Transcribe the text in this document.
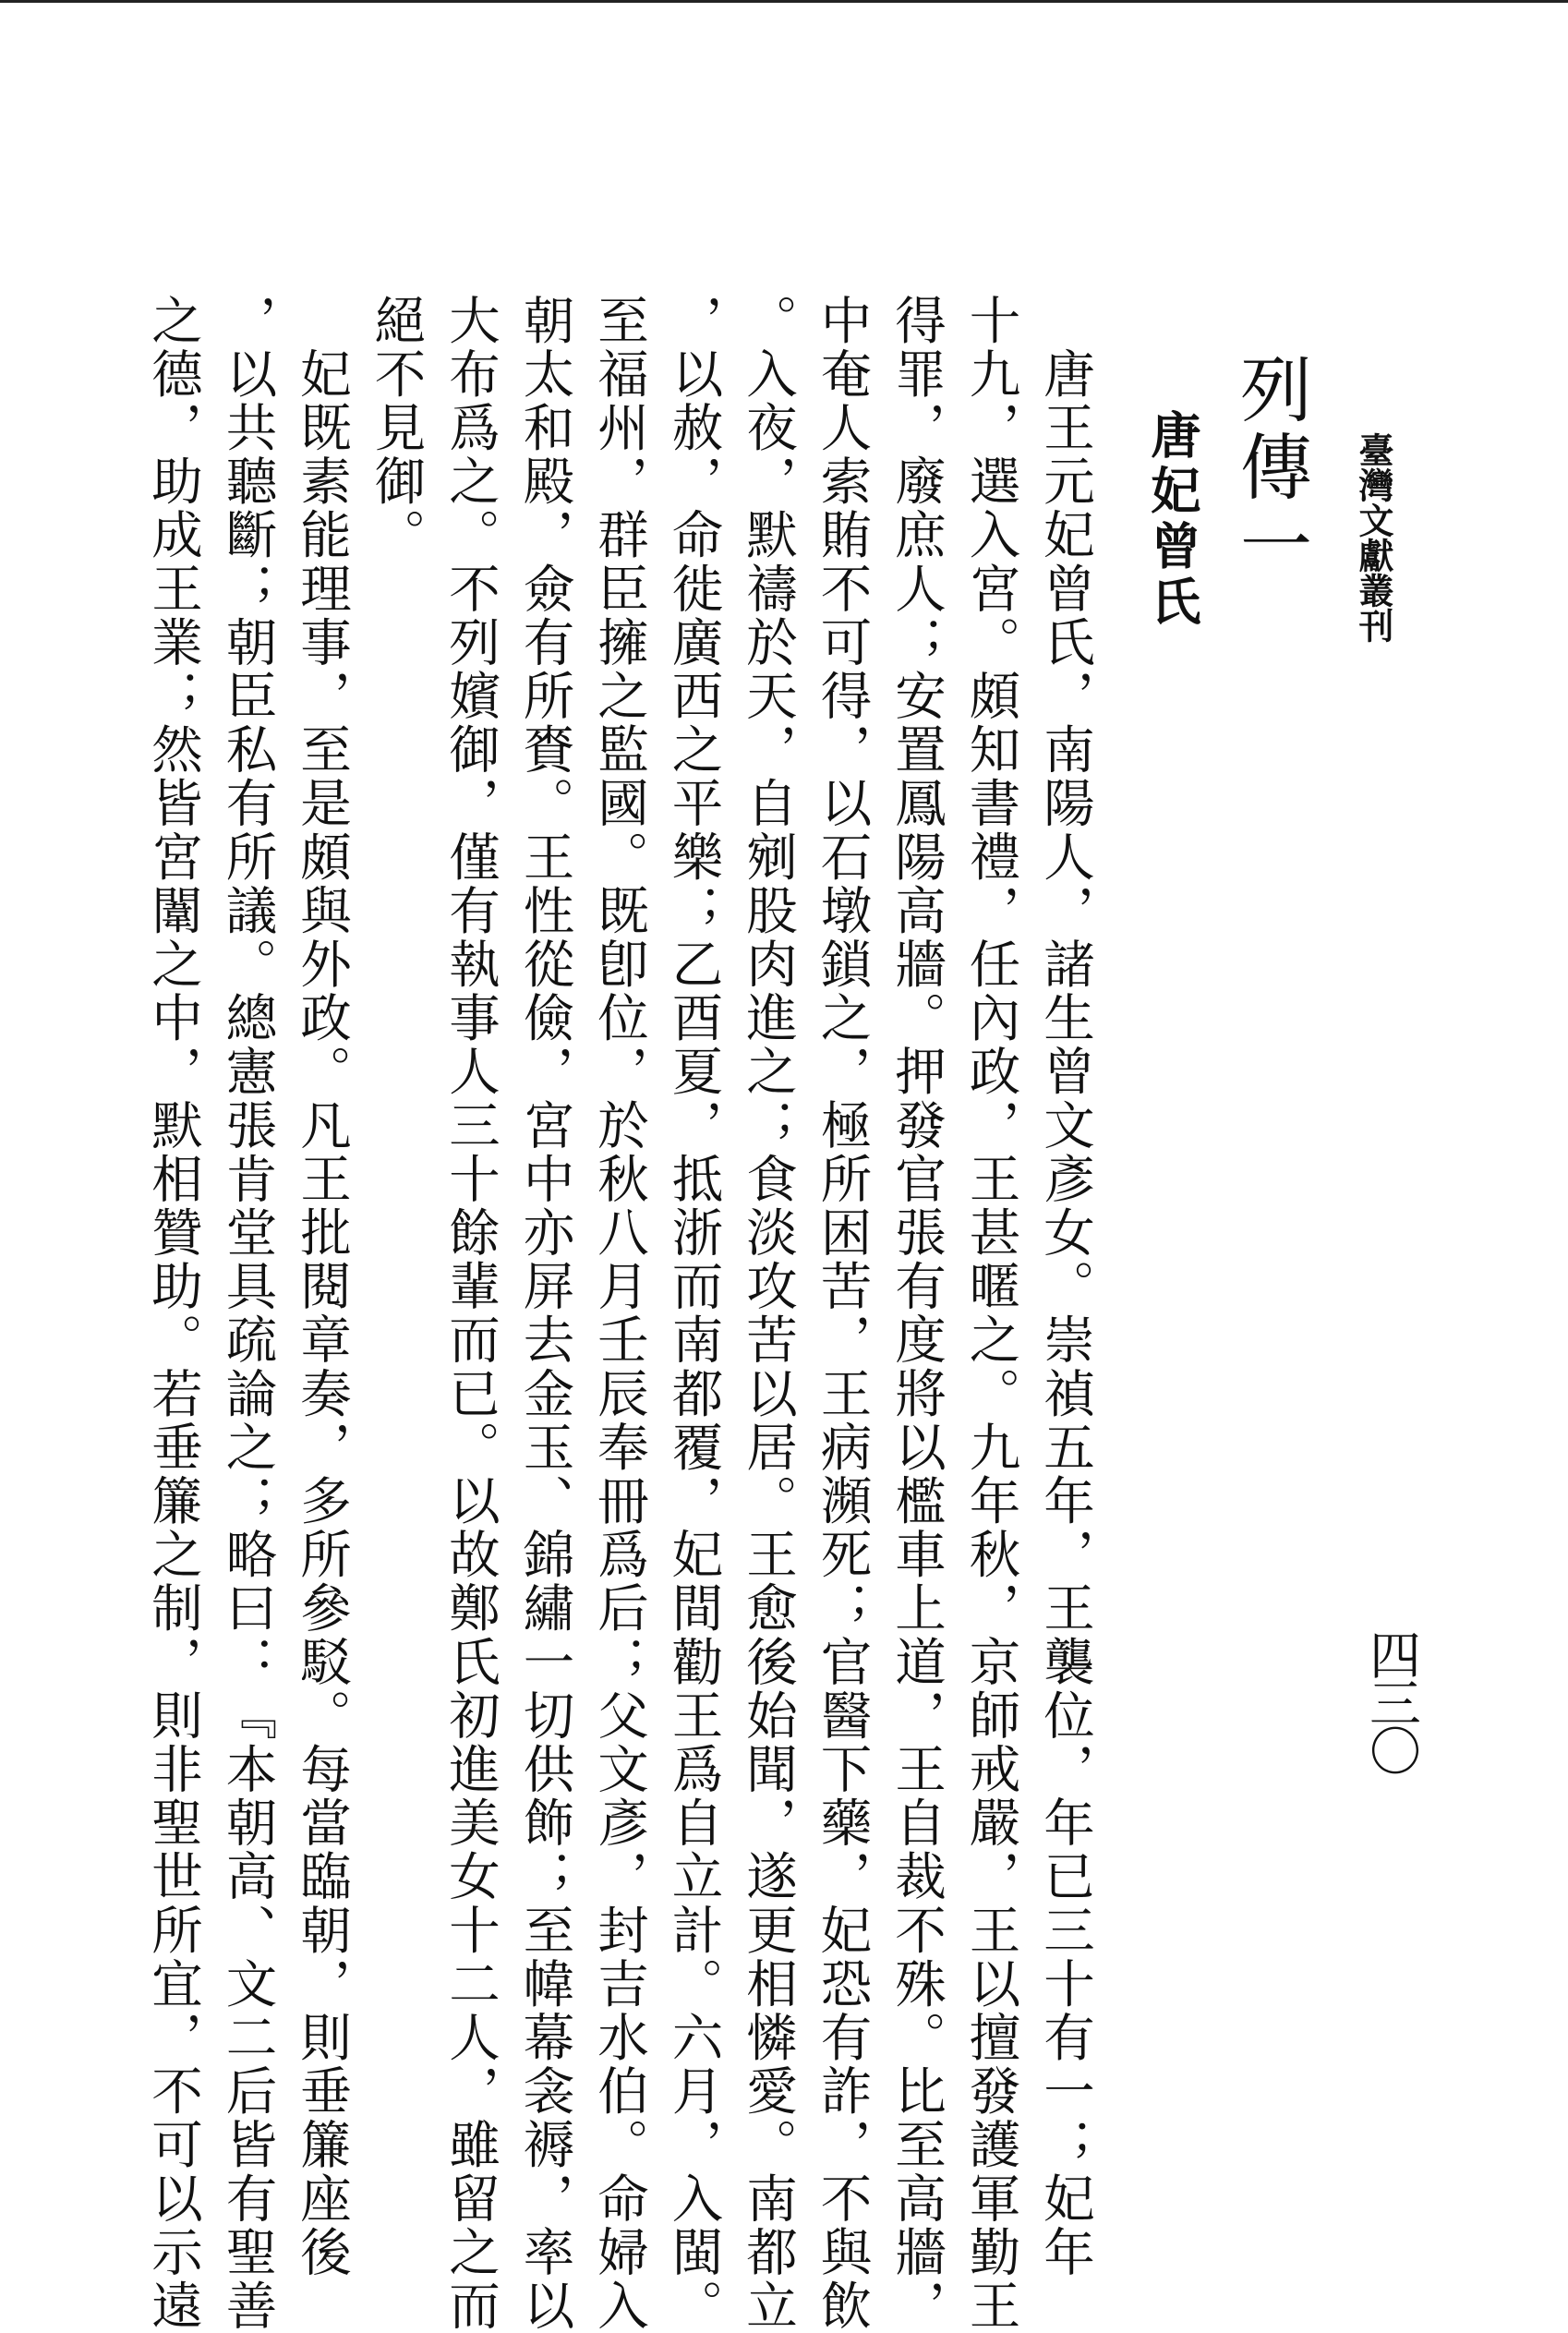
臺灣文獻叢刊
四三〇
列傳一
唐妃曾氏
　唐王元妃曾氏，南陽人，諸生曾文彥女。崇禎五年，王襲位，年已三十有一；妃年
十九，選入宮。頗知書禮，任內政，王甚暱之。九年秋，京師戒嚴，王以擅發護軍勤王
得罪，廢庶人；安置鳳陽高牆。押發官張有度將以檻車上道，王自裁不殊。比至高牆，
中奄人索賄不可得，以石墩鎖之，極所困苦，王病瀕死；官醫下藥，妃恐有詐，不與飲
。入夜，默禱於天，自剜股肉進之；食淡攻苦以居。王愈後始聞，遂更相憐愛。南都立
，以赦，命徙廣西之平樂；乙酉夏，抵浙而南都覆，妃間勸王爲自立計。六月，入閩。
至福州，群臣擁之監國。既卽位，於秋八月壬辰奉冊爲后；父文彥，封吉水伯。命婦入
朝太和殿，僉有所賚。王性從儉，宮中亦屏去金玉、錦繡一切供飾；至幃幕衾褥，率以
大布爲之。不列嬪御，僅有執事人三十餘輩而已。以故鄭氏初進美女十二人，雖留之而
絕不見御。
　妃既素能理事，至是頗與外政。凡王批閱章奏，多所參駁。每當臨朝，則垂簾座後
，以共聽斷；朝臣私有所議。總憲張肯堂具疏論之；略曰：『本朝高、文二后皆有聖善
之德，助成王業；然皆宮闈之中，默相贊助。若垂簾之制，則非聖世所宜，不可以示遠
